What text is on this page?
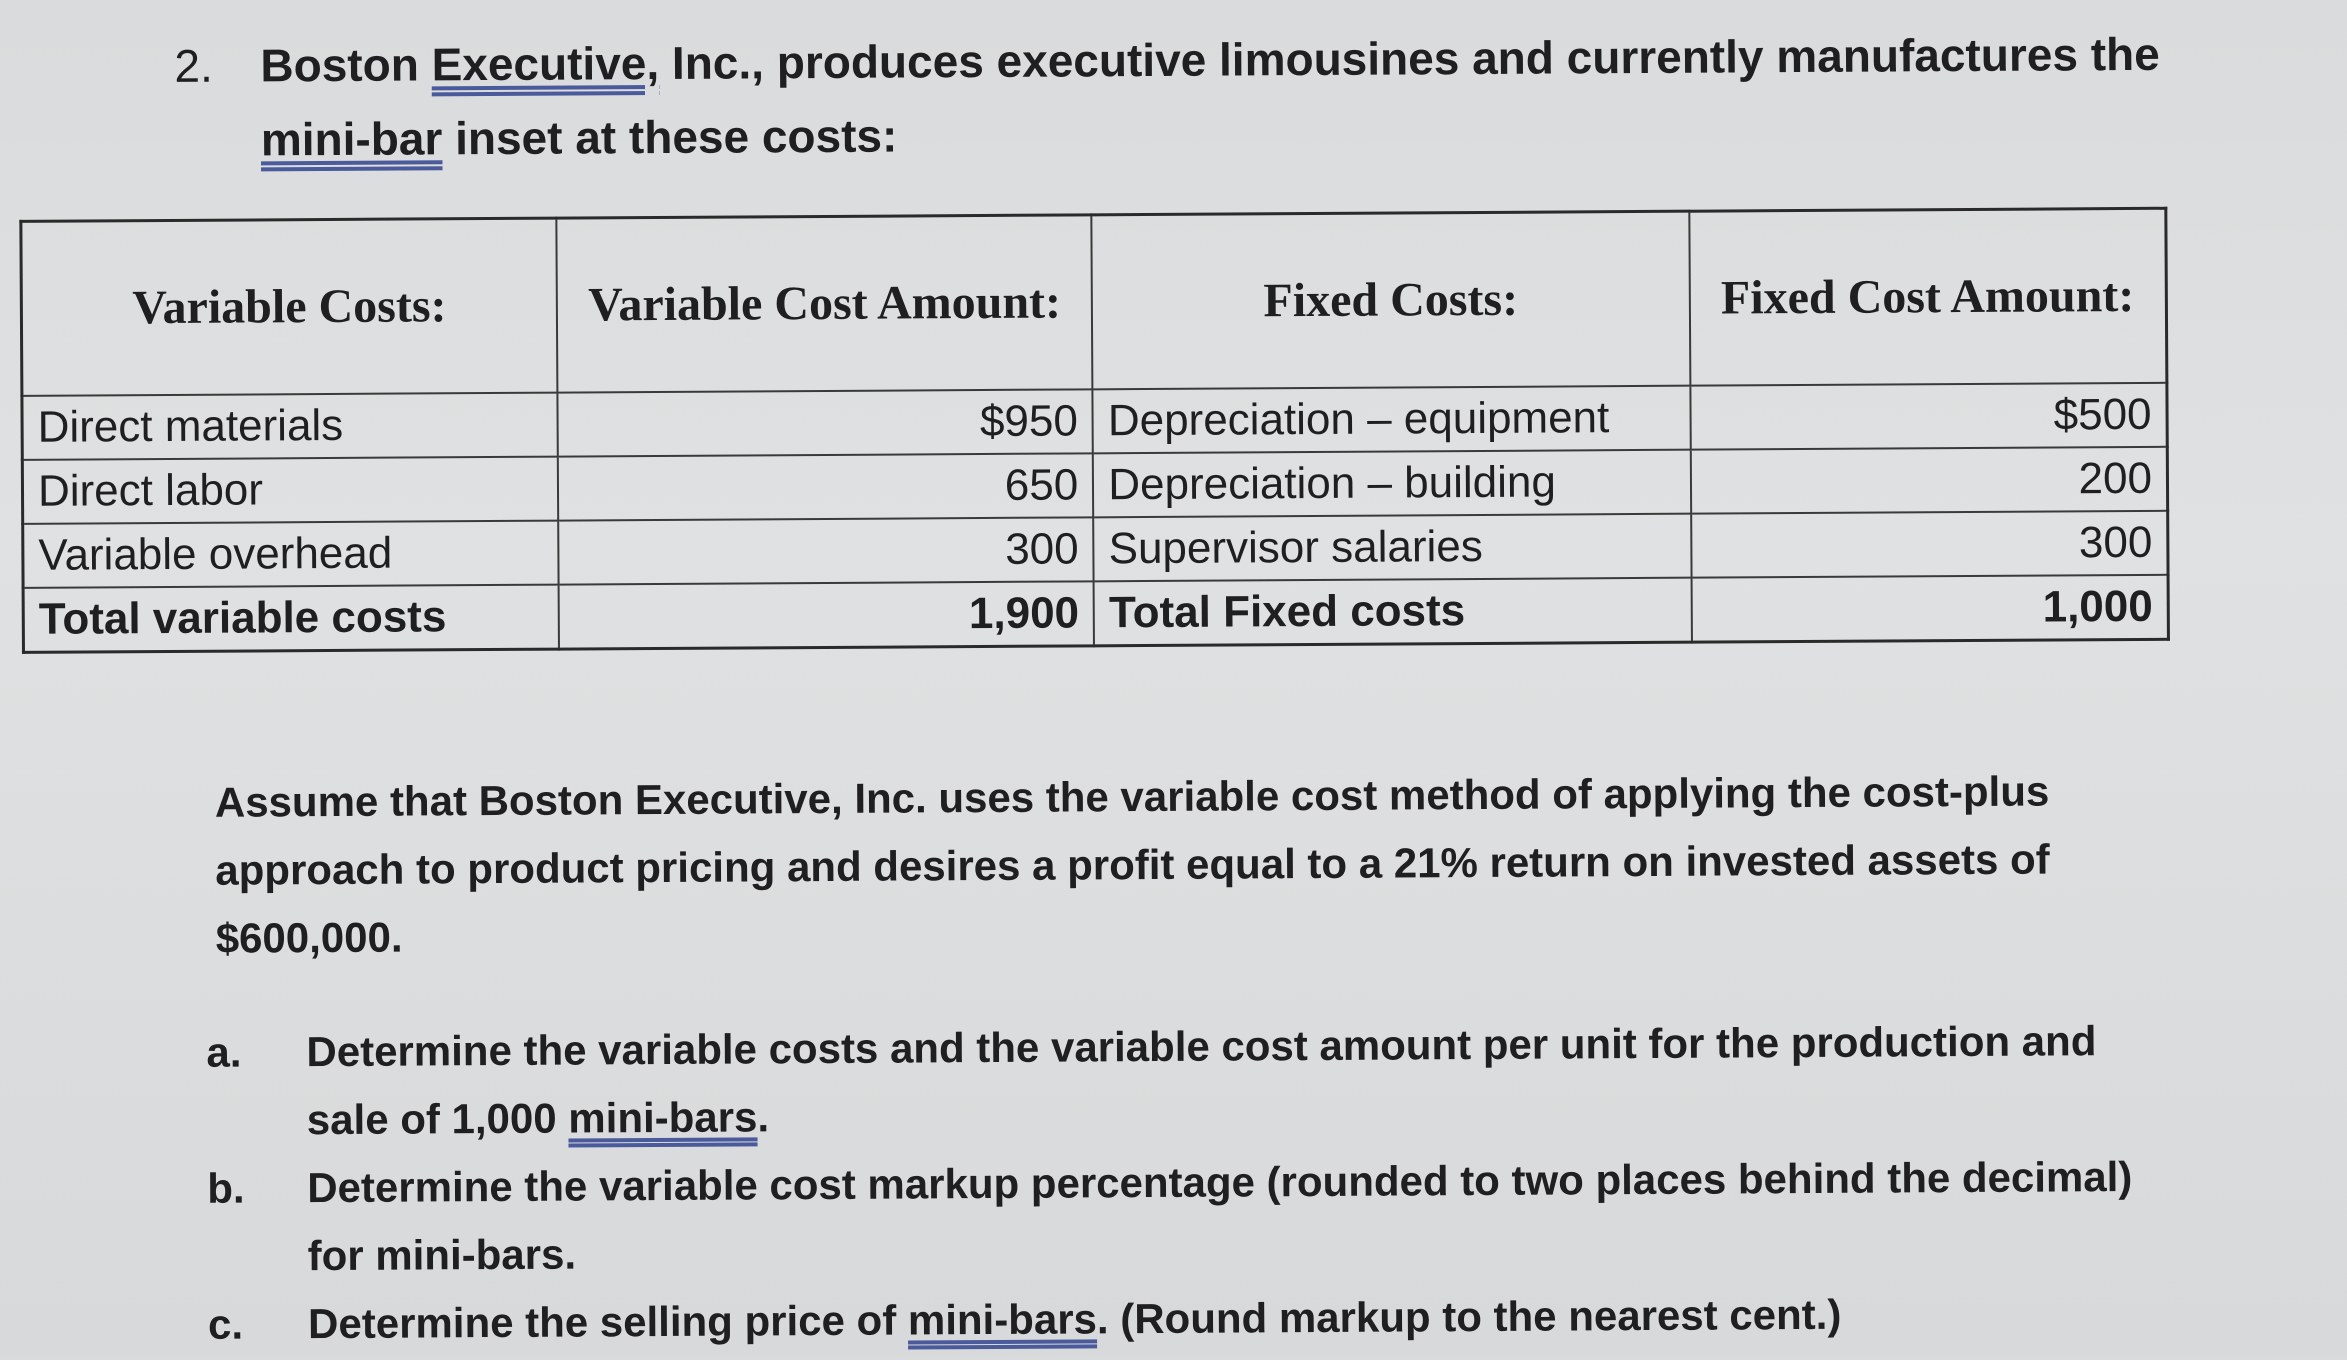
2. Boston Executive, Inc., produces executive limousines and currently manufactures the
mini-bar inset at these costs:
Variable Costs:	Variable Cost Amount:	Fixed Costs:	Fixed Cost Amount:
Direct materials	$950	Depreciation – equipment	$500
Direct labor	650	Depreciation – building	200
Variable overhead	300	Supervisor salaries	300
Total variable costs	1,900	Total Fixed costs	1,000
Assume that Boston Executive, Inc. uses the variable cost method of applying the cost-plus approach to product pricing and desires a profit equal to a 21% return on invested assets of $600,000.
a. Determine the variable costs and the variable cost amount per unit for the production and sale of 1,000 mini-bars.
b. Determine the variable cost markup percentage (rounded to two places behind the decimal) for mini-bars.
c. Determine the selling price of mini-bars. (Round markup to the nearest cent.)
